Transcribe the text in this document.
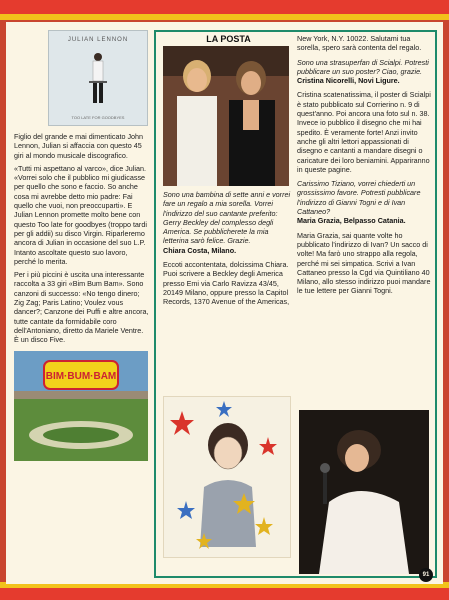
JULIAN LENNON
TOO LATE FOR GOODBYES

Figlio del grande e mai dimenticato John Lennon, Julian si affaccia con questo 45 giri al mondo musicale discografico.

«Tutti mi aspettano al varco», dice Julian. «Vorrei solo che il pubblico mi giudicasse per quello che sono e faccio. So anche cosa mi avrebbe detto mio padre: Fai quello che vuoi, non preoccuparti». E Julian Lennon promette molto bene con questo Too late for goodbyes (troppo tardi per gli addii) su disco Virgin. Riparleremo ancora di Julian in occasione del suo L.P. Intanto ascoltate questo suo lavoro, perché lo merita.

Per i più piccini è uscita una interessante raccolta a 33 giri «Bim Bum Bam». Sono canzoni di successo: «No tengo dinero; Zig Zag; Paris Latino; Voulez vous dancer?; Canzone dei Puffi e altre ancora, tutte cantate da formidabile coro dell'Antoniano, diretto da Mariele Ventre. È un disco Five.

BIM·BUM·BAM
LA POSTA

Sono una bambina di sette anni e vorrei fare un regalo a mia sorella. Vorrei l'indirizzo del suo cantante preferito: Gerry Beckley del complesso degli America. Se pubblicherete la mia letterina sarò felice. Grazie.

Chiara Costa, Milano.

Eccoti accontentata, dolcissima Chiara. Puoi scrivere a Beckley degli America presso Emi via Carlo Ravizza 43/45, 20149 Milano, oppure presso la Capitol Records, 1370 Avenue of the Americas,

New York, N.Y. 10022. Salutami tua sorella, spero sarà contenta del regalo.

Sono una strasuperfan di Scialpi. Potresti pubblicare un suo poster? Ciao, grazie.

Cristina Nicorelli, Novi Ligure.

Cristina scatenatissima, il poster di Scialpi è stato pubblicato sul Corrierino n. 9 di quest'anno. Poi ancora una foto sul n. 38. Invece io pubblico il disegno che mi hai spedito. È veramente forte! Anzi invito anche gli altri lettori appassionati di disegno e cantanti a mandare disegni o caricature dei loro beniamini. Appariranno in queste pagine.

Carissimo Tiziano, vorrei chiederti un grossissimo favore. Potresti pubblicare l'indirizzo di Gianni Togni e di Ivan Cattaneo?

Maria Grazia, Belpasso Catania.

Maria Grazia, sai quante volte ho pubblicato l'indirizzo di Ivan? Un sacco di volte! Ma farò uno strappo alla regola, perché mi sei simpatica. Scrivi a Ivan Cattaneo presso la Cgd via Quintiliano 40 Milano, allo stesso indirizzo puoi mandare le tue lettere per Gianni Togni.

91
